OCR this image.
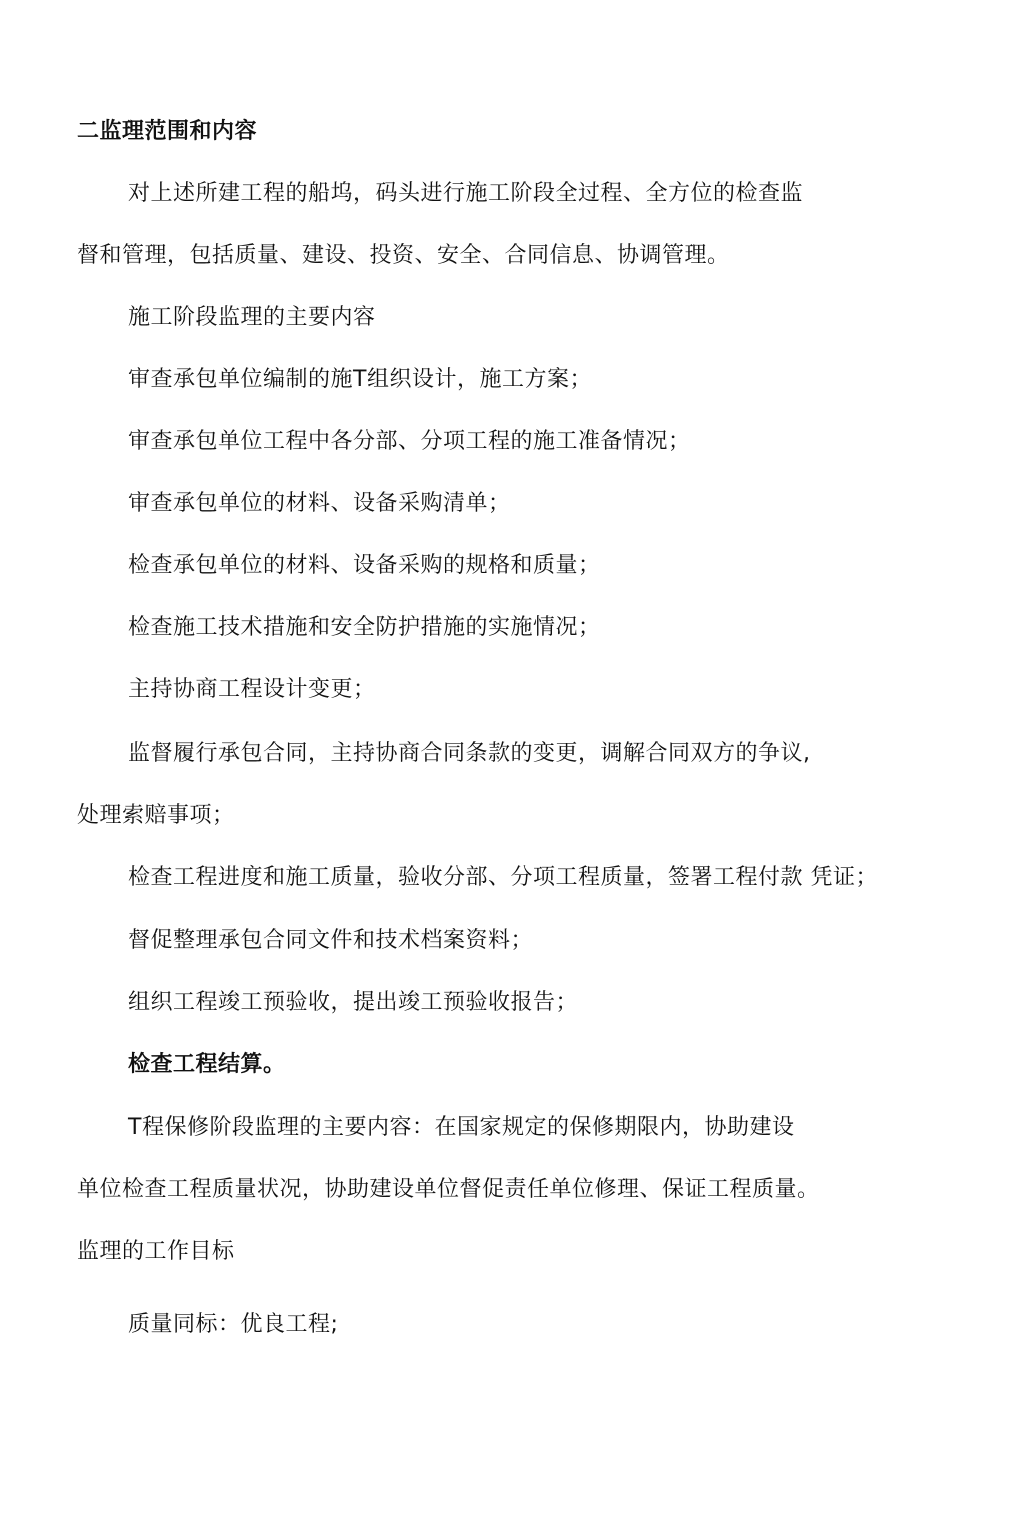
二监理范围和内容
对上述所建工程的船坞，码头进行施工阶段全过程、全方位的检查监
督和管理，包括质量、建设、投资、安全、合同信息、协调管理。
施工阶段监理的主要内容
审查承包单位编制的施T组织设计，施工方案；
审查承包单位工程中各分部、分项工程的施工准备情况；
审查承包单位的材料、设备采购清单；
检查承包单位的材料、设备采购的规格和质量；
检查施工技术措施和安全防护措施的实施情况；
主持协商工程设计变更；
监督履行承包合同，主持协商合同条款的变更，调解合同双方的争议,
处理索赔事项；
检查工程进度和施工质量，验收分部、分项工程质量，签署工程付款 凭证；
督促整理承包合同文件和技术档案资料；
组织工程竣工预验收，提出竣工预验收报告；
检查工程结算。
T程保修阶段监理的主要内容：在国家规定的保修期限内，协助建设
单位检查工程质量状况，协助建设单位督促责任单位修理、保证工程质量。
监理的工作目标
质量同标：优良工程;
